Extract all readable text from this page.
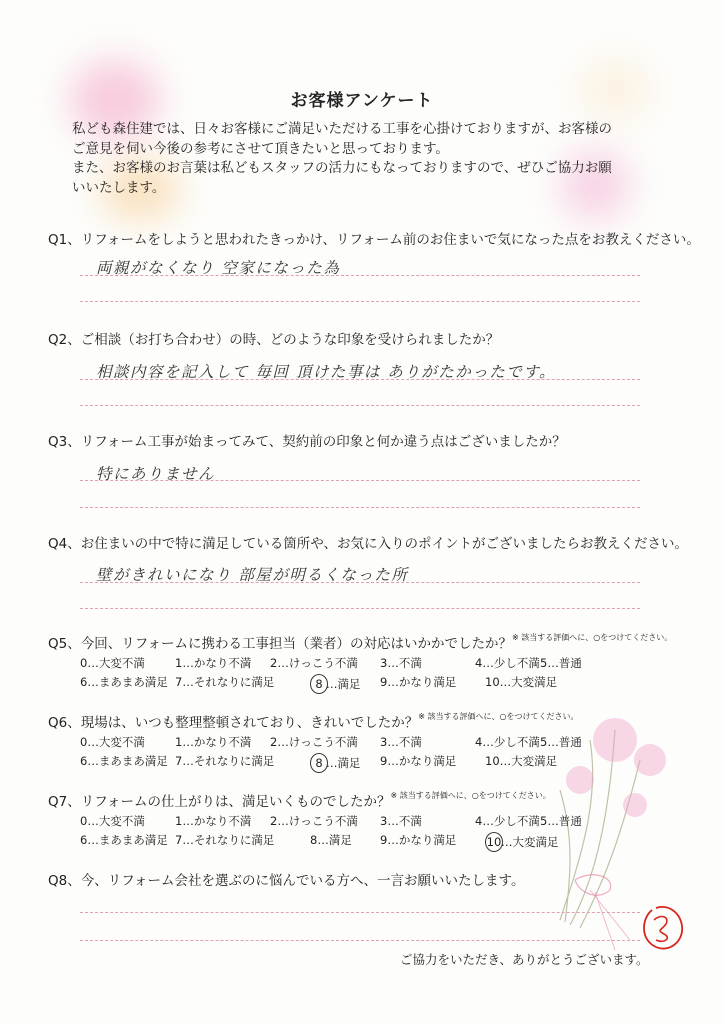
お客様アンケート

私ども森住建では、日々お客様にご満足いただける工事を心掛けておりますが、お客様の

ご意見を伺い今後の参考にさせて頂きたいと思っております。

また、お客様のお言葉は私どもスタッフの活力にもなっておりますので、ぜひご協力お願

いいたします。

Q1、リフォームをしようと思われたきっかけ、リフォーム前のお住まいで気になった点をお教えください。
両親がなくなり 空家になった為
Q2、ご相談（お打ち合わせ）の時、どのような印象を受けられましたか？
相談内容を記入して 毎回 頂けた事は ありがたかったです。
Q3、リフォーム工事が始まってみて、契約前の印象と何か違う点はございましたか？
特にありません
Q4、お住まいの中で特に満足している箇所や、お気に入りのポイントがございましたらお教えください。
壁がきれいになり 部屋が明るくなった所
Q5、今回、リフォームに携わる工事担当（業者）の対応はいかかでしたか？$^{※ 該当する評価へに、○をつけてください。}$
0…大変不満	1…かなり不満 2…けっこう不満 3…不満	4…少し不満 5…普通
6…まあまあ満足 7…それなりに満足	8 …満足 9…かなり満足 10…大変満足
Q6、現場は、いつも整理整頓されており、きれいでしたか？$^{※ 該当する評価へに、○をつけてください。}$
0…大変不満	1…かなり不満 2…けっこう不満 3…不満	4…少し不満 5…普通
6…まあまあ満足 7…それなりに満足	8 …満足 9…かなり満足 10…大変満足
Q7、リフォームの仕上がりは、満足いくものでしたか？$^{※ 該当する評価へに、○をつけてください。}$
0…大変不満	1…かなり不満 2…けっこう不満 3…不満	4…少し不満 5…普通
6…まあまあ満足 7…それなりに満足	8…満足 9…かなり満足	10…大変満足
Q8、今、リフォーム会社を選ぶのに悩んでいる方へ、一言お願いいたします。
ご協力をいただき、ありがとうございます。
